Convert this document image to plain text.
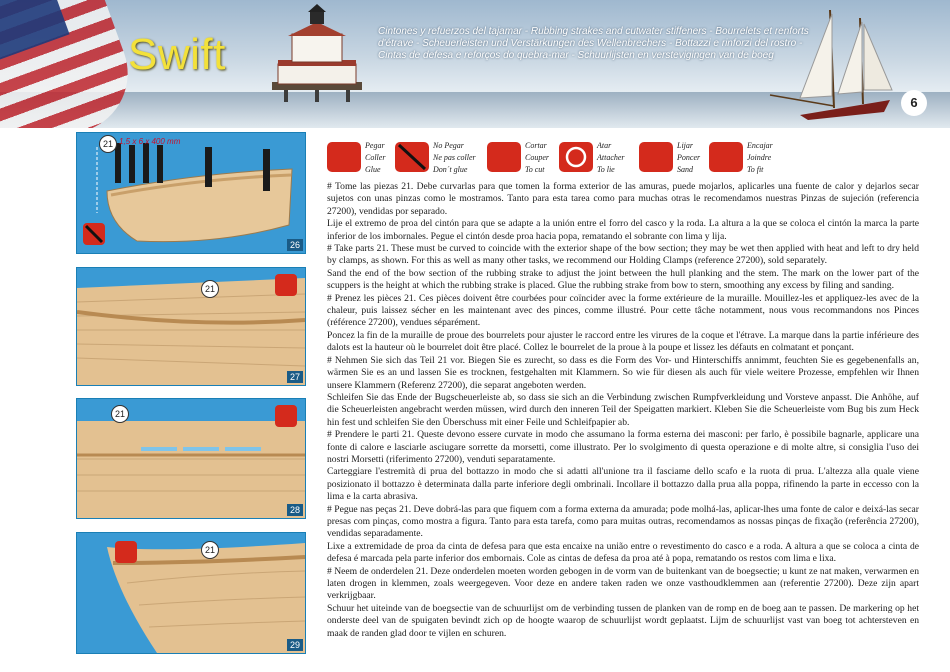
Swift	Cintones y refuerzos del tajamar - Rubbing strakes and cutwater stiffeners - Bourrelets et renforts
d'étrave - Scheuerleisten und Verstärkungen des Wellenbrechers - Bottazzi e rinforzi del rostro -
Cintas de defesa e reforços do quebra-mar - Schuurlijsten en verstevigingen van de boeg
6
21 1,5 x 6 x 400 mm
26
21
27
21
28
21
29
Pegar
Coller
Glue
No Pegar
Ne pas coller
Don´t glue
Cortar
Couper
To cut
Atar
Attacher
To lie
Lijar
Poncer
Sand
Encajar
Joindre
To fit

# Tome las piezas 21. Debe curvarlas para que tomen la forma exterior de las amuras, puede mojarlos, aplicarles una fuente de calor y dejarlos secar sujetos con unas pinzas como le mostramos. Tanto para esta tarea como para muchas otras le recomendamos nuestras Pinzas de sujeción (referencia 27200), vendidas por separado.

Lije el extremo de proa del cintón para que se adapte a la unión entre el forro del casco y la roda. La altura a la que se coloca el cintón la marca la parte inferior de los imbornales. Pegue el cintón desde proa hacia popa, rematando el sobrante con lima y lija.

# Take parts 21. These must be curved to coincide with the exterior shape of the bow section; they may be wet then applied with heat and left to dry held by clamps, as shown. For this as well as many other tasks, we recommend our Holding Clamps (reference 27200), sold separately.

Sand the end of the bow section of the rubbing strake to adjust the joint between the hull planking and the stem. The mark on the lower part of the scuppers is the height at which the rubbing strake is placed. Glue the rubbing strake from bow to stern, smoothing any excess by filing and sanding.

# Prenez les pièces 21. Ces pièces doivent être courbées pour coïncider avec la forme extérieure de la muraille. Mouillez-les et appliquez-les avec de la chaleur, puis laissez sécher en les maintenant avec des pinces, comme illustré. Pour cette tâche notamment, nous vous recommandons nos Pinces (référence 27200), vendues séparément.

Poncez la fin de la muraille de proue des bourrelets pour ajuster le raccord entre les virures de la coque et l'étrave. La marque dans la partie inférieure des dalots est la hauteur où le bourrelet doit être placé. Collez le bourrelet de la proue à la poupe et lissez les défauts en colmatant et ponçant.

# Nehmen Sie sich das Teil 21 vor. Biegen Sie es zurecht, so dass es die Form des Vor- und Hinterschiffs annimmt, feuchten Sie es gegebenenfalls an, wärmen Sie es an und lassen Sie es trocknen, festgehalten mit Klammern. So wie für diesen als auch für viele weitere Prozesse, empfehlen wir Ihnen unsere Klammern (Referenz 27200), die separat angeboten werden.

Schleifen Sie das Ende der Bugscheuerleiste ab, so dass sie sich an die Verbindung zwischen Rumpfverkleidung und Vorsteve anpasst. Die Anhöhe, auf die Scheuerleisten angebracht werden müssen, wird durch den inneren Teil der Speigatten markiert. Kleben Sie die Scheuerleiste vom Bug bis zum Heck hin fest und schleifen Sie den Überschuss mit einer Feile und Schleifpapier ab.

# Prendere le parti 21. Queste devono essere curvate in modo che assumano la forma esterna dei masconi: per farlo, è possibile bagnarle, applicare una fonte di calore e lasciarle asciugare sorrette da morsetti, come illustrato. Per lo svolgimento di questa operazione e di molte altre, si consiglia l'uso dei nostri Morsetti (riferimento 27200), venduti separatamente.

Carteggiare l'estremità di prua del bottazzo in modo che si adatti all'unione tra il fasciame dello scafo e la ruota di prua. L'altezza alla quale viene posizionato il bottazzo è determinata dalla parte inferiore degli ombrinali. Incollare il bottazzo dalla prua alla poppa, rifinendo la parte in eccesso con la lima e la carta abrasiva.

# Pegue nas peças 21. Deve dobrá-las para que fiquem com a forma externa da amurada; pode molhá-las, aplicar-lhes uma fonte de calor e deixá-las secar presas com pinças, como mostra a figura. Tanto para esta tarefa, como para muitas outras, recomendamos as nossas pinças de fixação (referência 27200), vendidas separadamente.

Lixe a extremidade de proa da cinta de defesa para que esta encaixe na união entre o revestimento do casco e a roda. A altura a que se coloca a cinta de defesa é marcada pela parte inferior dos embornais. Cole as cintas de defesa da proa até à popa, rematando os restos com lima e lixa.

# Neem de onderdelen 21. Deze onderdelen moeten worden gebogen in de vorm van de buitenkant van de boegsectie; u kunt ze nat maken, verwarmen en laten drogen in klemmen, zoals weergegeven. Voor deze en andere taken raden we onze vasthoudklemmen aan (referentie 27200). Deze zijn apart verkrijgbaar.

Schuur het uiteinde van de boegsectie van de schuurlijst om de verbinding tussen de planken van de romp en de boeg aan te passen. De markering op het onderste deel van de spuigaten bevindt zich op de hoogte waarop de schuurlijst wordt geplaatst. Lijm de schuurlijst vast van boeg tot achtersteven en maak de randen glad door te vijlen en schuren.
